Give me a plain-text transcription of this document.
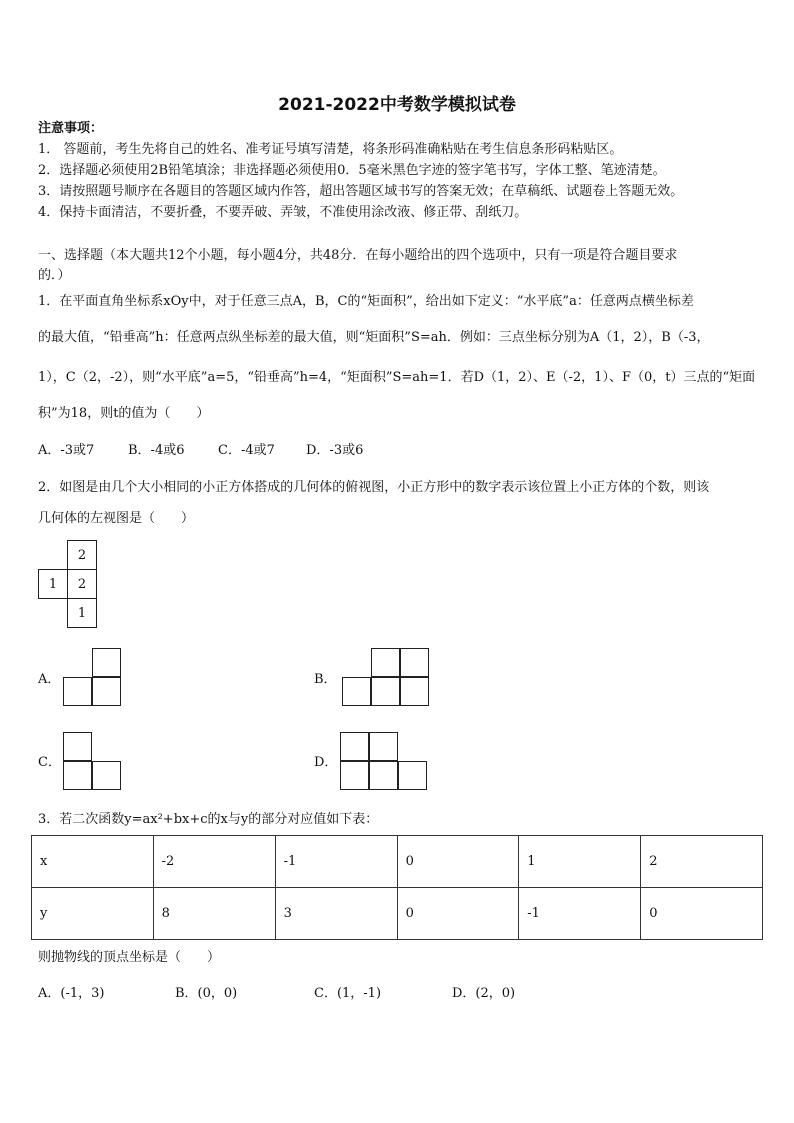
2021-2022中考数学模拟试卷
注意事项：
1． 答题前，考生先将自己的姓名、准考证号填写清楚，将条形码准确粘贴在考生信息条形码粘贴区。
2．选择题必须使用2B铅笔填涂；非选择题必须使用0．5毫米黑色字迹的签字笔书写，字体工整、笔迹清楚。
3．请按照题号顺序在各题目的答题区域内作答，超出答题区域书写的答案无效；在草稿纸、试题卷上答题无效。
4．保持卡面清洁，不要折叠，不要弄破、弄皱，不准使用涂改液、修正带、刮纸刀。
一、选择题（本大题共12个小题，每小题4分，共48分．在每小题给出的四个选项中，只有一项是符合题目要求
的．）
1．在平面直角坐标系xOy中，对于任意三点A，B，C的“矩面积”，给出如下定义：“水平底”a：任意两点横坐标差
的最大值，“铅垂高”h：任意两点纵坐标差的最大值，则“矩面积”S=ah．例如：三点坐标分别为A（1，2），B（-3，
1），C（2，-2），则“水平底”a=5，“铅垂高”h=4，“矩面积”S=ah=1．若D（1，2）、E（-2，1）、F（0，t）三点的“矩面
积”为18，则t的值为（　　）
A．-3或7	B．-4或6	C．-4或7 D．-3或6
2．如图是由几个大小相同的小正方体搭成的几何体的俯视图，小正方形中的数字表示该位置上小正方体的个数，则该
几何体的左视图是（　　）
2
1	2
1
A．	B．
C．	D．
3．若二次函数y=ax²+bx+c的x与y的部分对应值如下表：
x	-2	-1	0	1	2
y	8	3	0	-1	0
则抛物线的顶点坐标是（　　）
A．(-1，3)	B．(0，0)	C．(1，-1)	D．(2，0)
